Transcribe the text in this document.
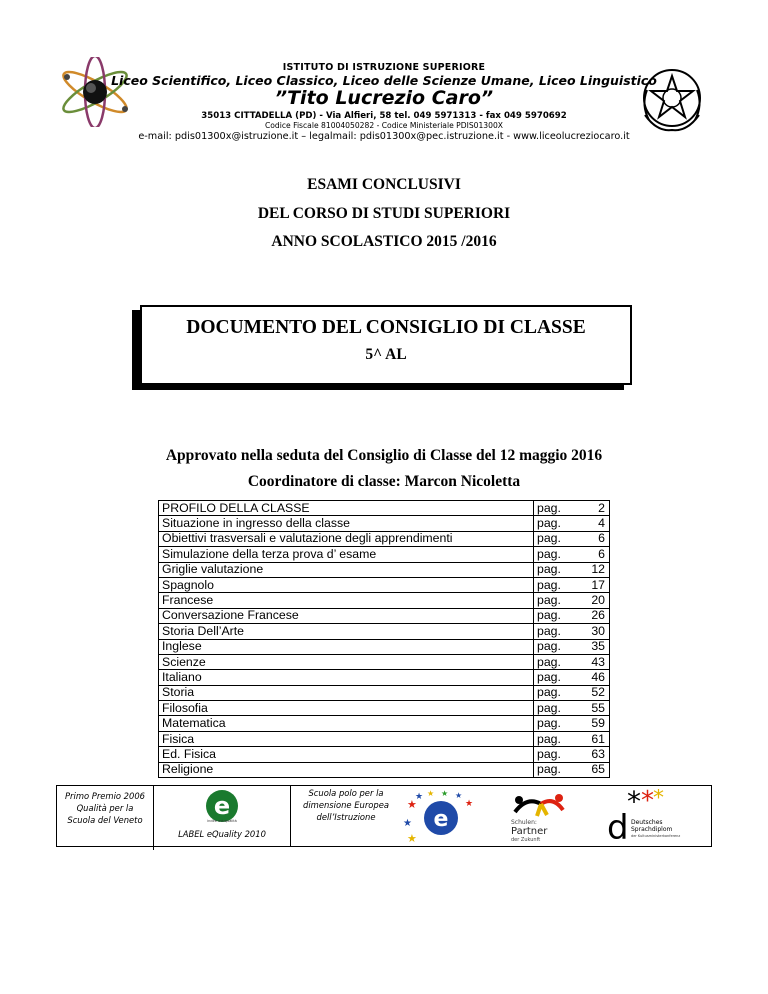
ISTITUTO DI ISTRUZIONE SUPERIORE
Liceo Scientifico, Liceo Classico, Liceo delle Scienze Umane, Liceo Linguistico
”Tito Lucrezio Caro”
35013 CITTADELLA (PD) - Via Alfieri, 58 tel. 049 5971313 - fax 049 5970692
Codice Fiscale 81004050282 - Codice Ministeriale PDIS01300X
e-mail: pdis01300x@istruzione.it – legalmail: pdis01300x@pec.istruzione.it - www.liceolucreziocaro.it
ESAMI CONCLUSIVI
DEL CORSO DI STUDI SUPERIORI
ANNO SCOLASTICO 2015 /2016
DOCUMENTO DEL CONSIGLIO DI CLASSE
5^ AL
Approvato nella seduta del Consiglio di Classe del 12 maggio 2016
Coordinatore di classe: Marcon Nicoletta
PROFILO DELLA CLASSE	pag.	2
Situazione in ingresso della classe	pag.	4
Obiettivi trasversali e valutazione degli apprendimenti	pag.	6
Simulazione della terza prova d’ esame	pag.	6
Griglie valutazione	pag.	12
Spagnolo	pag.	17
Francese	pag.	20
Conversazione Francese	pag.	26
Storia Dell’Arte	pag.	30
Inglese	pag.	35
Scienze	pag.	43
Italiano	pag.	46
Storia	pag.	52
Filosofia	pag.	55
Matematica	pag.	59
Fisica	pag.	61
Ed. Fisica	pag.	63
Religione	pag.	65
Primo Premio 2006
Qualità per la
Scuola del Veneto	e
indire eduqualità
LABEL eQuality 2010
Scuola polo per la
dimensione Europea
dell’Istruzione	e
★
★ ★ ★ ★
★
★
★
Schulen:
Partner
der Zukunft d
* * *
Deutsches
Sprachdiplom
der Kultusministerkonferenz
